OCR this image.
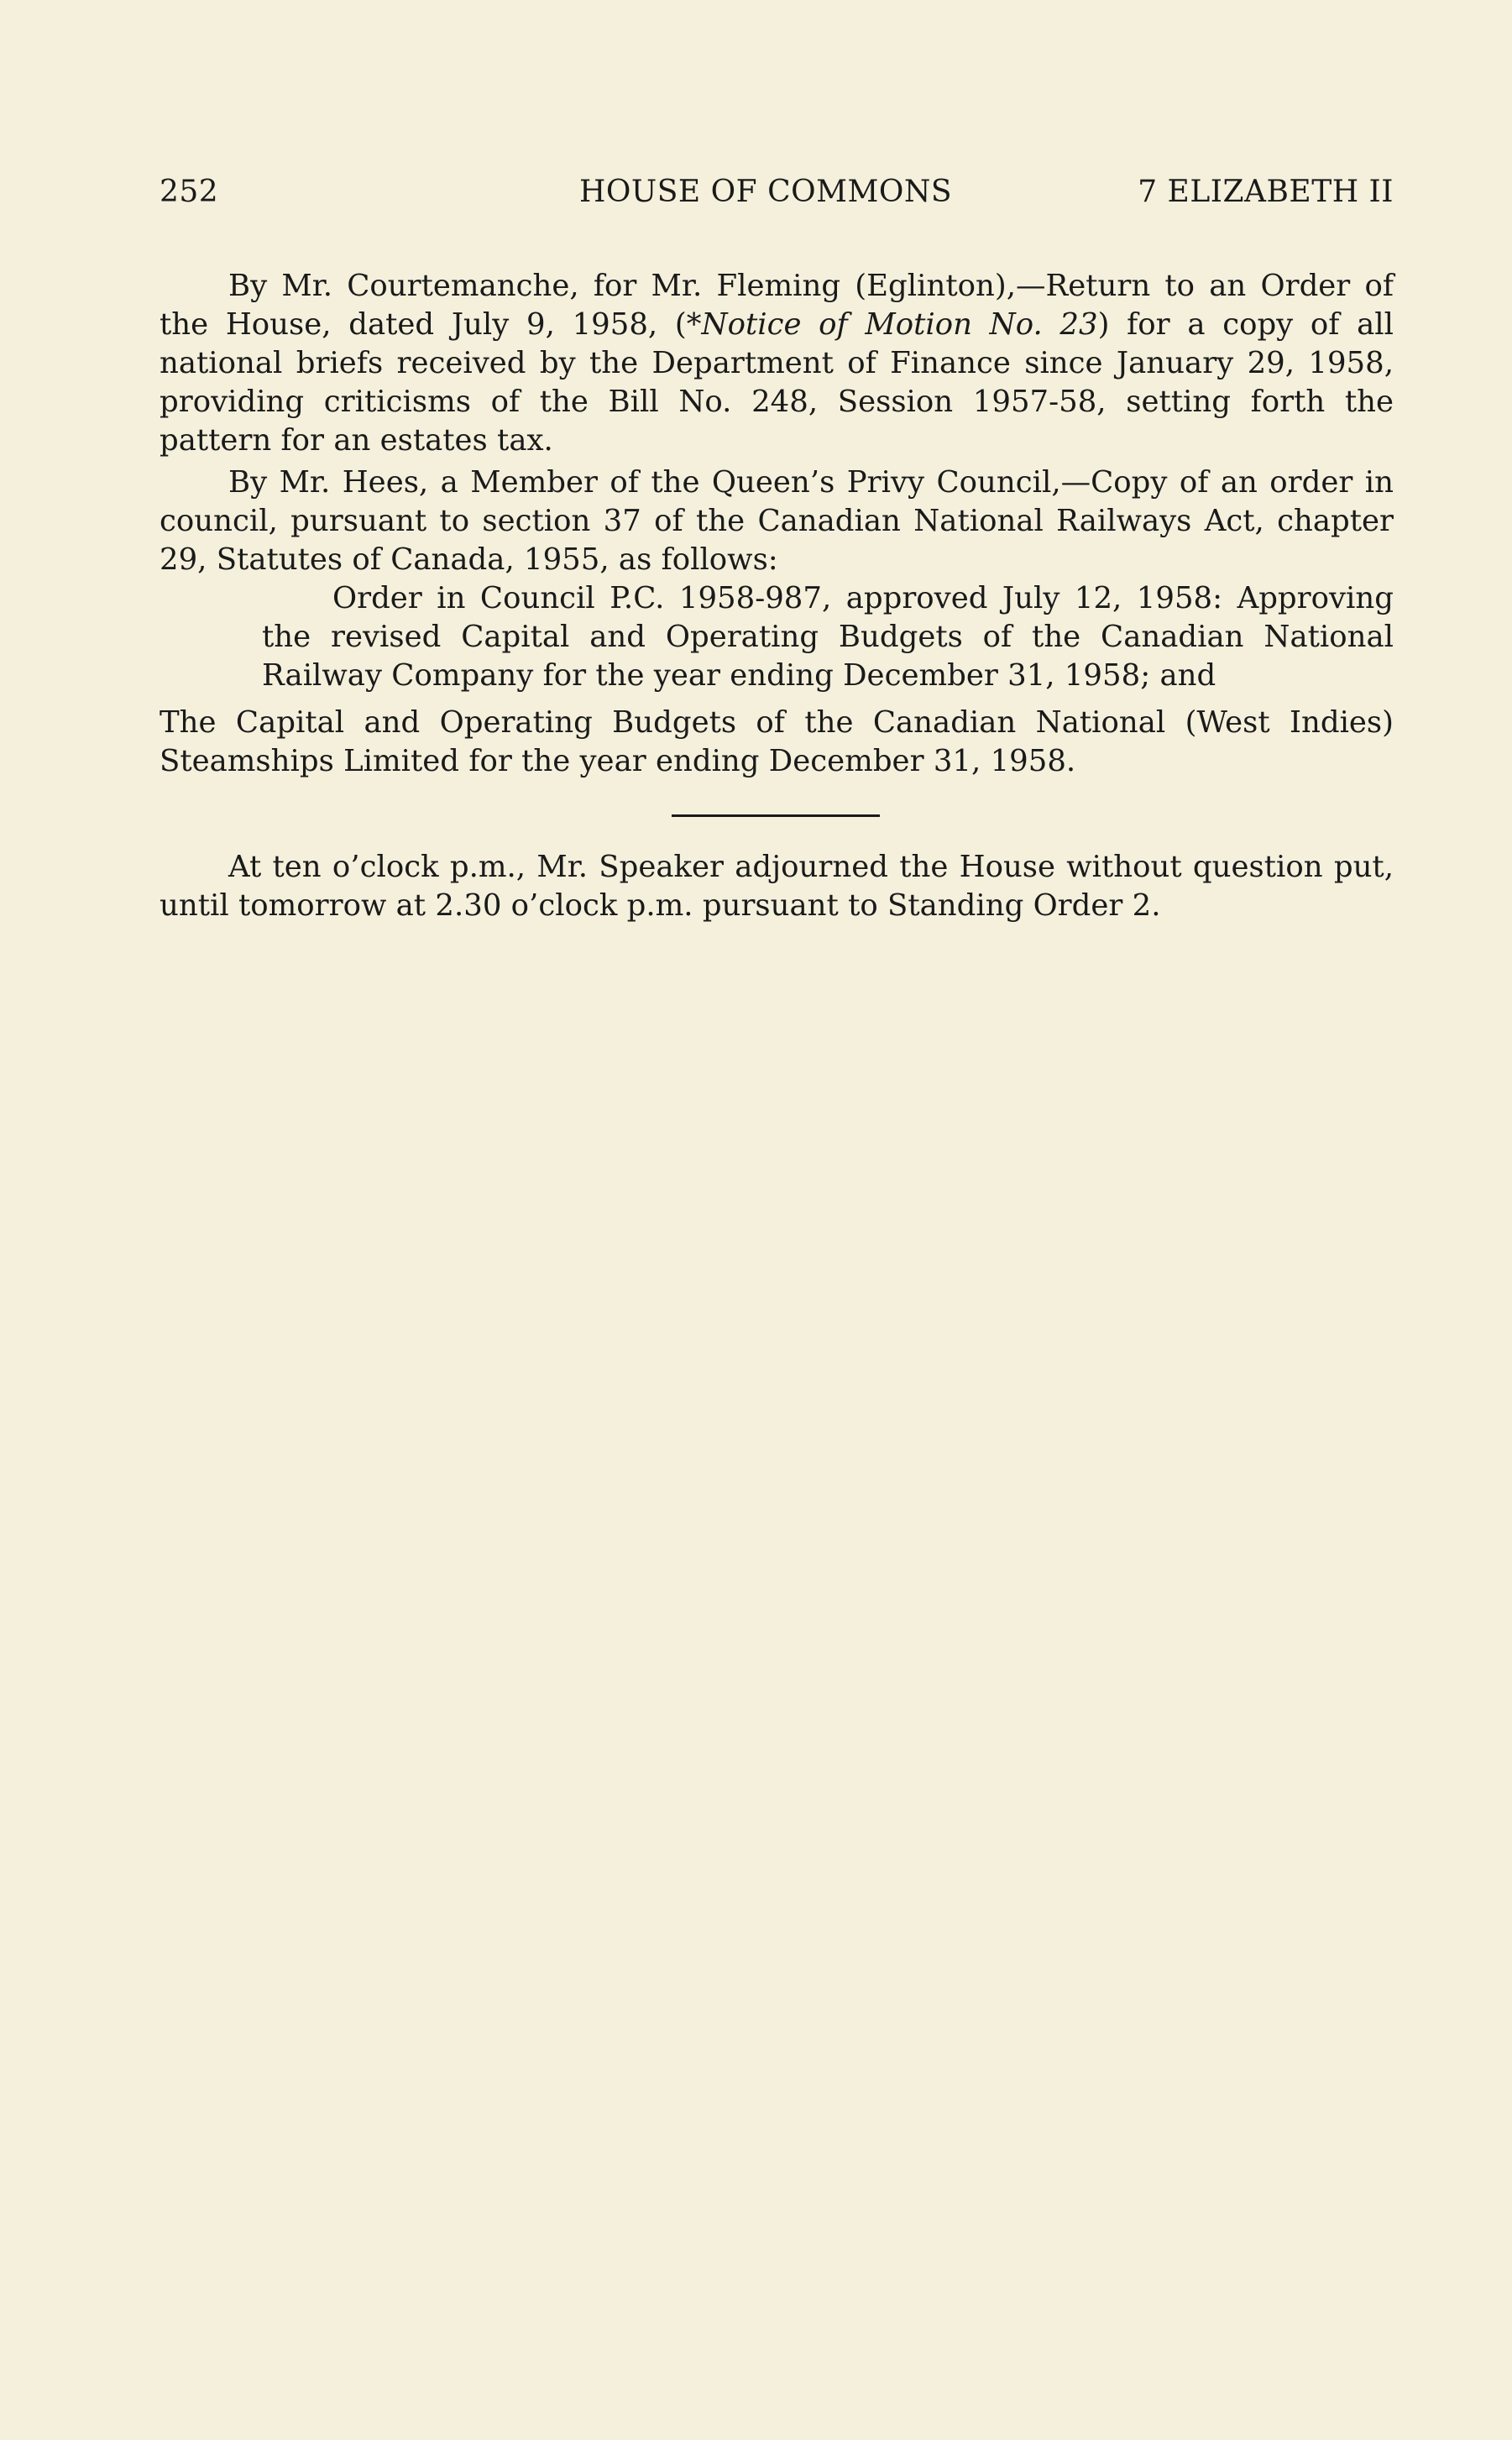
252	HOUSE OF COMMONS	7 ELIZABETH II

By Mr. Courtemanche, for Mr. Fleming (Eglinton),—Return to an Order of the House, dated July 9, 1958, (*Notice of Motion No. 23) for a copy of all national briefs received by the Department of Finance since January 29, 1958, providing criticisms of the Bill No. 248, Session 1957-58, setting forth the pattern for an estates tax.

By Mr. Hees, a Member of the Queen’s Privy Council,—Copy of an order in council, pursuant to section 37 of the Canadian National Railways Act, chapter 29, Statutes of Canada, 1955, as follows:

Order in Council P.C. 1958-987, approved July 12, 1958: Approving the revised Capital and Operating Budgets of the Canadian National Railway Company for the year ending December 31, 1958; and

The Capital and Operating Budgets of the Canadian National (West Indies) Steamships Limited for the year ending December 31, 1958.

At ten o’clock p.m., Mr. Speaker adjourned the House without question put, until tomorrow at 2.30 o’clock p.m. pursuant to Standing Order 2.
